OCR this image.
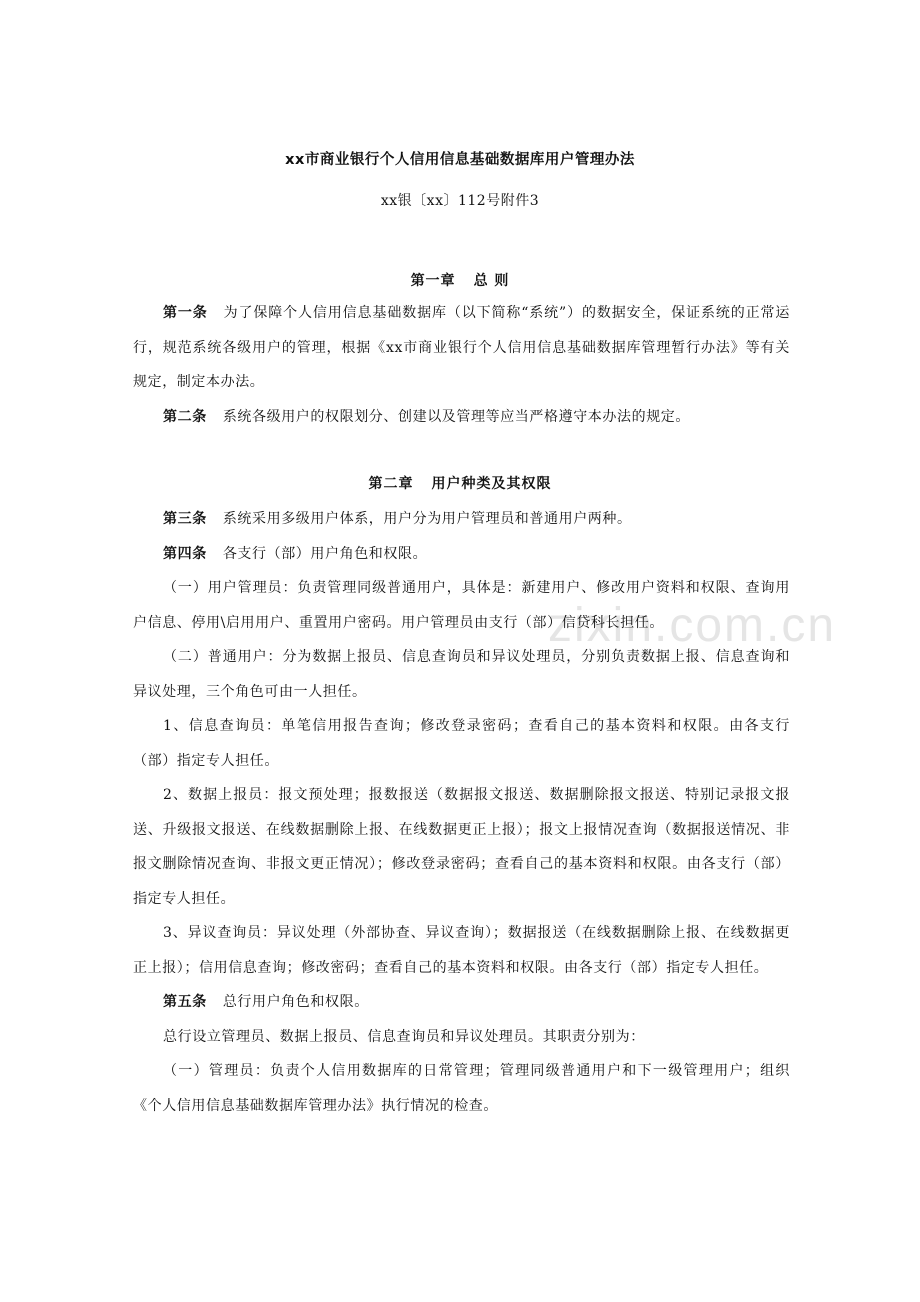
zixin.com.cn
xx市商业银行个人信用信息基础数据库用户管理办法
xx银〔xx〕112号附件3
第一章 总 则
第二章 用户种类及其权限

第一条 为了保障个人信用信息基础数据库（以下简称“系统”）的数据安全，保证系统的正常运行，规范系统各级用户的管理，根据《xx市商业银行个人信用信息基础数据库管理暂行办法》等有关规定，制定本办法。

第二条 系统各级用户的权限划分、创建以及管理等应当严格遵守本办法的规定。

第三条 系统采用多级用户体系，用户分为用户管理员和普通用户两种。

第四条 各支行（部）用户角色和权限。

（一）用户管理员：负责管理同级普通用户，具体是：新建用户、修改用户资料和权限、查询用户信息、停用\启用用户、重置用户密码。用户管理员由支行（部）信贷科长担任。

（二）普通用户：分为数据上报员、信息查询员和异议处理员，分别负责数据上报、信息查询和异议处理，三个角色可由一人担任。

1、信息查询员：单笔信用报告查询；修改登录密码；查看自己的基本资料和权限。由各支行（部）指定专人担任。

2、数据上报员：报文预处理；报数报送（数据报文报送、数据删除报文报送、特别记录报文报送、升级报文报送、在线数据删除上报、在线数据更正上报）；报文上报情况查询（数据报送情况、非报文删除情况查询、非报文更正情况）；修改登录密码；查看自己的基本资料和权限。由各支行（部）指定专人担任。

3、异议查询员：异议处理（外部协查、异议查询）；数据报送（在线数据删除上报、在线数据更正上报）；信用信息查询；修改密码；查看自己的基本资料和权限。由各支行（部）指定专人担任。

第五条 总行用户角色和权限。

总行设立管理员、数据上报员、信息查询员和异议处理员。其职责分别为：

（一）管理员：负责个人信用数据库的日常管理；管理同级普通用户和下一级管理用户；组织《个人信用信息基础数据库管理办法》执行情况的检查。
